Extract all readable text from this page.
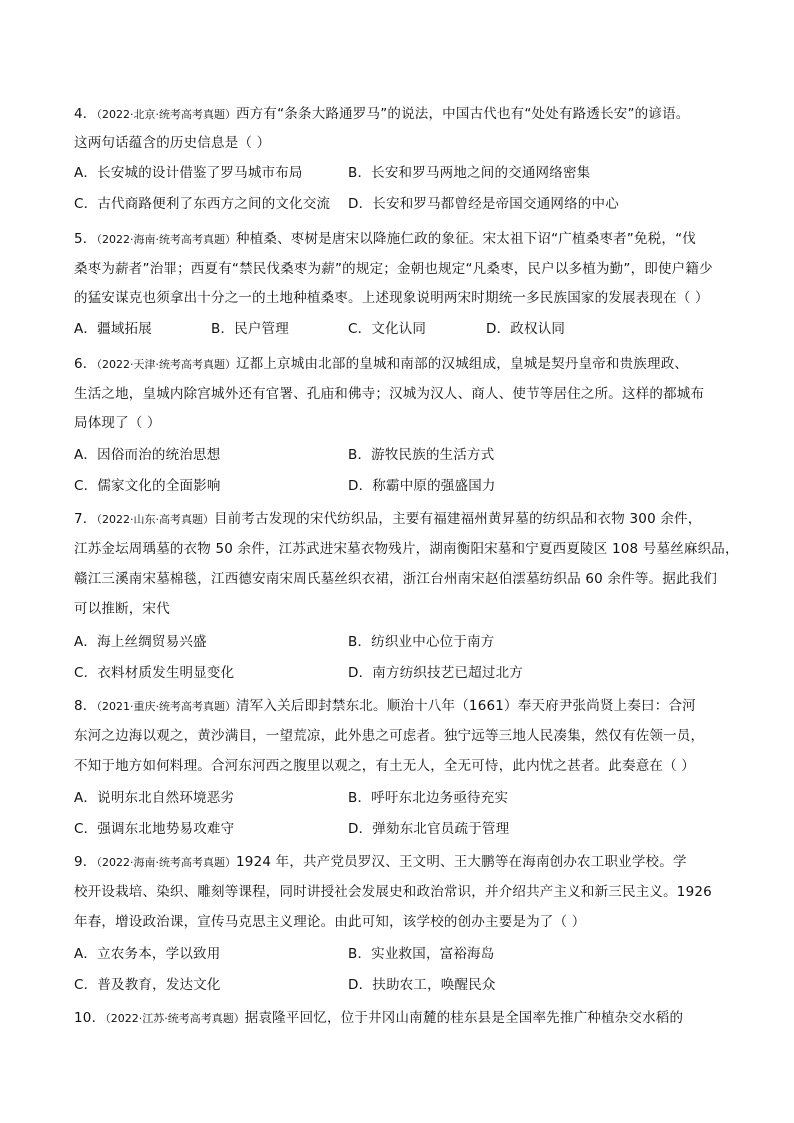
4．（2022·北京·统考高考真题）西方有“条条大路通罗马”的说法，中国古代也有“处处有路透长安”的谚语。
这两句话蕴含的历史信息是（ ）
A．长安城的设计借鉴了罗马城市布局	B．长安和罗马两地之间的交通网络密集
C．古代商路便利了东西方之间的文化交流 D．长安和罗马都曾经是帝国交通网络的中心
5．（2022·海南·统考高考真题）种植桑、枣树是唐宋以降施仁政的象征。宋太祖下诏“广植桑枣者”免税，“伐
桑枣为薪者”治罪；西夏有“禁民伐桑枣为薪”的规定；金朝也规定“凡桑枣，民户以多植为勤”，即使户籍少
的猛安谋克也须拿出十分之一的土地种植桑枣。上述现象说明两宋时期统一多民族国家的发展表现在（ ）
A．疆域拓展	B．民户管理	C．文化认同	D．政权认同
6．（2022·天津·统考高考真题）辽都上京城由北部的皇城和南部的汉城组成，皇城是契丹皇帝和贵族理政、
生活之地，皇城内除宫城外还有官署、孔庙和佛寺；汉城为汉人、商人、使节等居住之所。这样的都城布
局体现了（ ）
A．因俗而治的统治思想	B．游牧民族的生活方式
C．儒家文化的全面影响	D．称霸中原的强盛国力
7．（2022·山东·高考真题）目前考古发现的宋代纺织品，主要有福建福州黄昇墓的纺织品和衣物 300 余件，
江苏金坛周瑀墓的衣物 50 余件，江苏武进宋墓衣物残片，湖南衡阳宋墓和宁夏西夏陵区 108 号墓丝麻织品，
赣江三溪南宋墓棉毯，江西德安南宋周氏墓丝织衣裙，浙江台州南宋赵伯澐墓纺织品 60 余件等。据此我们
可以推断，宋代
A．海上丝绸贸易兴盛	B．纺织业中心位于南方
C．衣料材质发生明显变化	D．南方纺织技艺已超过北方
8．（2021·重庆·统考高考真题）清军入关后即封禁东北。顺治十八年（1661）奉天府尹张尚贤上奏曰：合河
东河之边海以观之，黄沙满目，一望荒凉，此外患之可虑者。独宁远等三地人民凑集，然仅有佐领一员，
不知于地方如何料理。合河东河西之腹里以观之，有土无人，全无可恃，此内忧之甚者。此奏意在（ ）
A．说明东北自然环境恶劣	B．呼吁东北边务亟待充实
C．强调东北地势易攻难守	D．弹劾东北官员疏于管理
9．（2022·海南·统考高考真题）1924 年，共产党员罗汉、王文明、王大鹏等在海南创办农工职业学校。学
校开设栽培、染织、雕刻等课程，同时讲授社会发展史和政治常识，并介绍共产主义和新三民主义。1926
年春，增设政治课，宣传马克思主义理论。由此可知，该学校的创办主要是为了（ ）
A．立农务本，学以致用	B．实业救国，富裕海岛
C．普及教育，发达文化	D．扶助农工，唤醒民众
10．（2022·江苏·统考高考真题）据袁隆平回忆，位于井冈山南麓的桂东县是全国率先推广种植杂交水稻的
